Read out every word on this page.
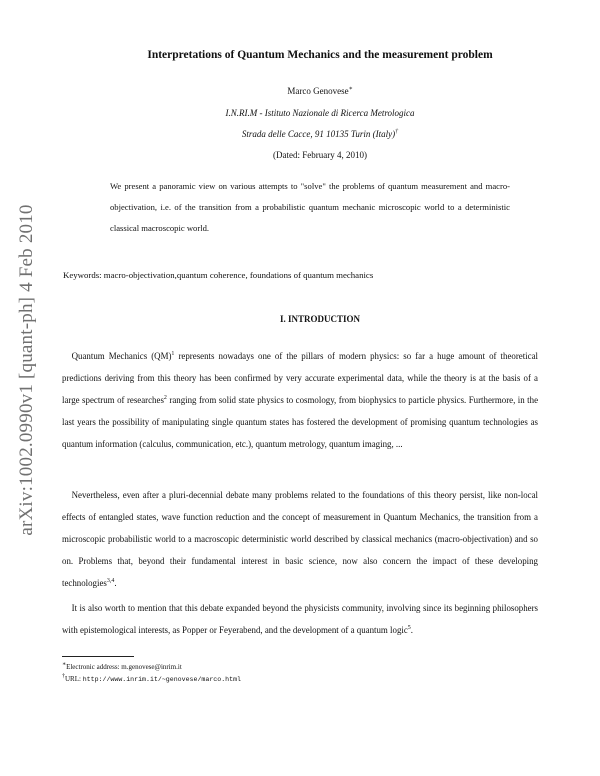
arXiv:1002.0990v1 [quant-ph] 4 Feb 2010
Interpretations of Quantum Mechanics and the measurement problem
Marco Genovese∗
I.N.RI.M - Istituto Nazionale di Ricerca Metrologica
Strada delle Cacce, 91 10135 Turin (Italy)†
(Dated: February 4, 2010)
We present a panoramic view on various attempts to "solve" the problems of quantum measurement and macro-objectivation, i.e. of the transition from a probabilistic quantum mechanic microscopic world to a deterministic classical macroscopic world.
Keywords: macro-objectivation,quantum coherence, foundations of quantum mechanics
I. INTRODUCTION

  Quantum Mechanics (QM)$^1$ represents nowadays one of the pillars of modern physics: so far a huge amount of theoretical predictions deriving from this theory has been confirmed by very accurate experimental data, while the theory is at the basis of a large spectrum of researches$^2$ ranging from solid state physics to cosmology, from biophysics to particle physics. Furthermore, in the last years the possibility of manipulating single quantum states has fostered the development of promising quantum technologies as quantum information (calculus, communication, etc.), quantum metrology, quantum imaging, ...

  Nevertheless, even after a pluri-decennial debate many problems related to the foundations of this theory persist, like non-local effects of entangled states, wave function reduction and the concept of measurement in Quantum Mechanics, the transition from a microscopic probabilistic world to a macroscopic deterministic world described by classical mechanics (macro-objectivation) and so on. Problems that, beyond their fundamental interest in basic science, now also concern the impact of these developing technologies$^{3,4}$.

  It is also worth to mention that this debate expanded beyond the physicists community, involving since its beginning philosophers with epistemological interests, as Popper or Feyerabend, and the development of a quantum logic$^5$.

∗Electronic address: m.genovese@inrim.it
†URL: http://www.inrim.it/~genovese/marco.html
